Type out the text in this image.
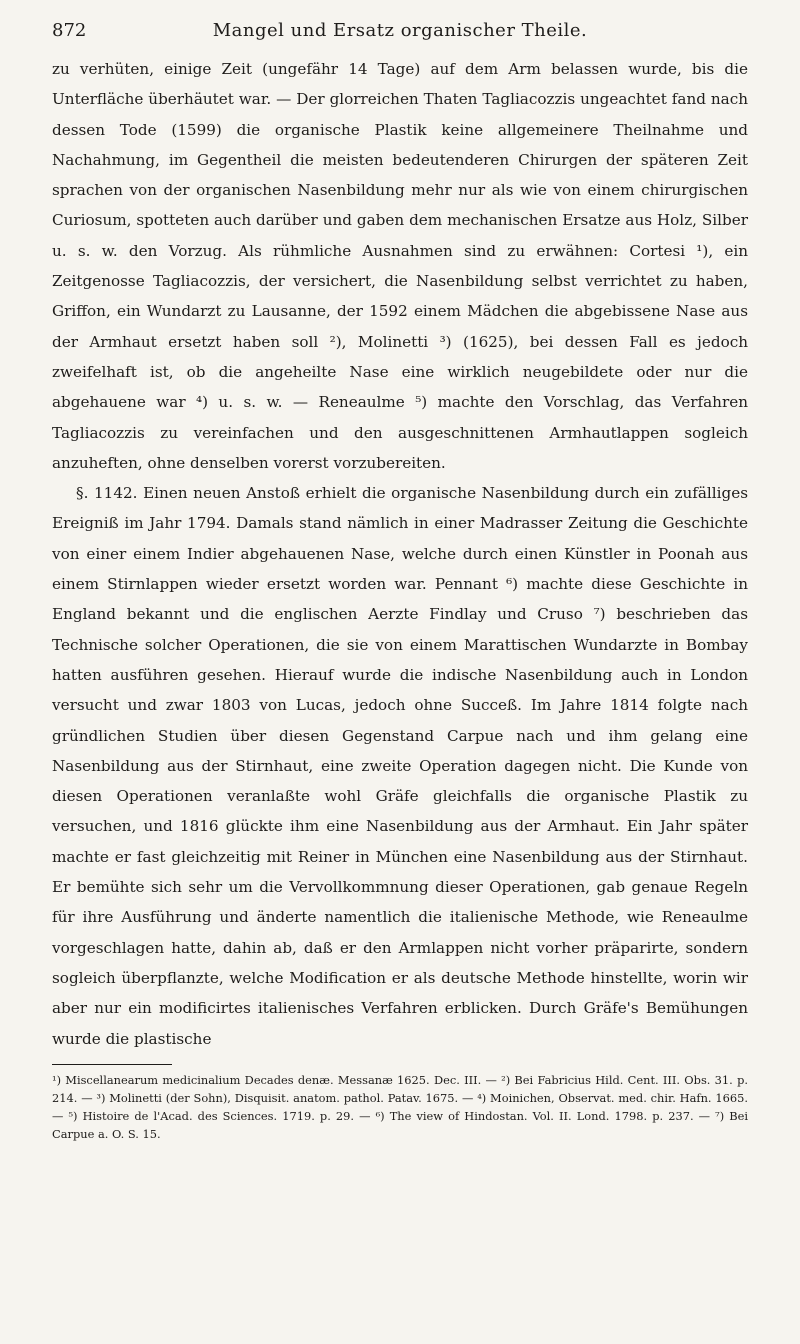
872	Mangel und Ersatz organischer Theile.

zu verhüten, einige Zeit (ungefähr 14 Tage) auf dem Arm belassen wurde, bis die Unterfläche überhäutet war. — Der glorreichen Thaten Tagliacozzis ungeachtet fand nach dessen Tode (1599) die organische Plastik keine allgemeinere Theilnahme und Nachahmung, im Gegentheil die meisten bedeutenderen Chirurgen der späteren Zeit sprachen von der organischen Nasenbildung mehr nur als wie von einem chirurgischen Curiosum, spotteten auch darüber und gaben dem mechanischen Ersatze aus Holz, Silber u. s. w. den Vorzug. Als rühmliche Ausnahmen sind zu erwähnen: Cortesi ¹), ein Zeitgenosse Tagliacozzis, der versichert, die Nasenbildung selbst verrichtet zu haben, Griffon, ein Wundarzt zu Lausanne, der 1592 einem Mädchen die abgebissene Nase aus der Armhaut ersetzt haben soll ²), Molinetti ³) (1625), bei dessen Fall es jedoch zweifelhaft ist, ob die angeheilte Nase eine wirklich neugebildete oder nur die abgehauene war ⁴) u. s. w. — Reneaulme ⁵) machte den Vorschlag, das Verfahren Tagliacozzis zu vereinfachen und den ausgeschnittenen Armhautlappen sogleich anzuheften, ohne denselben vorerst vorzubereiten.

§. 1142. Einen neuen Anstoß erhielt die organische Nasenbildung durch ein zufälliges Ereigniß im Jahr 1794. Damals stand nämlich in einer Madrasser Zeitung die Geschichte von einer einem Indier abgehauenen Nase, welche durch einen Künstler in Poonah aus einem Stirnlappen wieder ersetzt worden war. Pennant ⁶) machte diese Geschichte in England bekannt und die englischen Aerzte Findlay und Cruso ⁷) beschrieben das Technische solcher Operationen, die sie von einem Marattischen Wundarzte in Bombay hatten ausführen gesehen. Hierauf wurde die indische Nasenbildung auch in London versucht und zwar 1803 von Lucas, jedoch ohne Succeß. Im Jahre 1814 folgte nach gründlichen Studien über diesen Gegenstand Carpue nach und ihm gelang eine Nasenbildung aus der Stirnhaut, eine zweite Operation dagegen nicht. Die Kunde von diesen Operationen veranlaßte wohl Gräfe gleichfalls die organische Plastik zu versuchen, und 1816 glückte ihm eine Nasenbildung aus der Armhaut. Ein Jahr später machte er fast gleichzeitig mit Reiner in München eine Nasenbildung aus der Stirnhaut. Er bemühte sich sehr um die Vervollkommnung dieser Operationen, gab genaue Regeln für ihre Ausführung und änderte namentlich die italienische Methode, wie Reneaulme vorgeschlagen hatte, dahin ab, daß er den Armlappen nicht vorher präparirte, sondern sogleich überpflanzte, welche Modification er als deutsche Methode hinstellte, worin wir aber nur ein modificirtes italienisches Verfahren erblicken. Durch Gräfe's Bemühungen wurde die plastische

¹) Miscellanearum medicinalium Decades denæ. Messanæ 1625. Dec. III. — ²) Bei Fabricius Hild. Cent. III. Obs. 31. p. 214. — ³) Molinetti (der Sohn), Disquisit. anatom. pathol. Patav. 1675. — ⁴) Moinichen, Observat. med. chir. Hafn. 1665. — ⁵) Histoire de l'Acad. des Sciences. 1719. p. 29. — ⁶) The view of Hindostan. Vol. II. Lond. 1798. p. 237. — ⁷) Bei Carpue a. O. S. 15.
